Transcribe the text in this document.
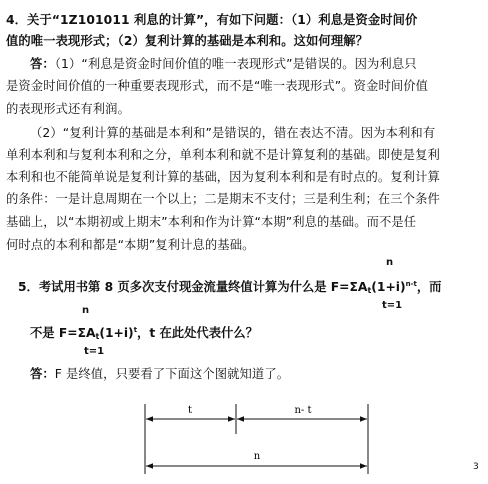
4．关于“1Z101011 利息的计算”，有如下问题：（1）利息是资金时间价
值的唯一表现形式；（2）复利计算的基础是本利和。这如何理解？
答：（1）“利息是资金时间价值的唯一表现形式”是错误的。因为利息只
是资金时间价值的一种重要表现形式，而不是“唯一表现形式”。资金时间价值
的表现形式还有利润。
（2）“复利计算的基础是本利和”是错误的，错在表达不清。因为本利和有
单利本利和与复利本利和之分，单利本利和就不是计算复利的基础。即使是复利
本利和也不能简单说是复利计算的基础，因为复利本利和是有时点的。复利计算
的条件：一是计息周期在一个以上；二是期末不支付；三是利生利；在三个条件
基础上，以“本期初或上期末”本利和作为计算“本期”利息的基础。而不是任
何时点的本利和都是“本期”复利计息的基础。
n
5．考试用书第 8 页多次支付现金流量终值计算为什么是 $F=\Sigma A_t(1+i)^{n-t}$，而
t=1
n
不是 $F=\Sigma A_t(1+i)^t$，t 在此处代表什么？
t=1
答：F 是终值，只要看了下面这个图就知道了。
t	n- t
n
3
